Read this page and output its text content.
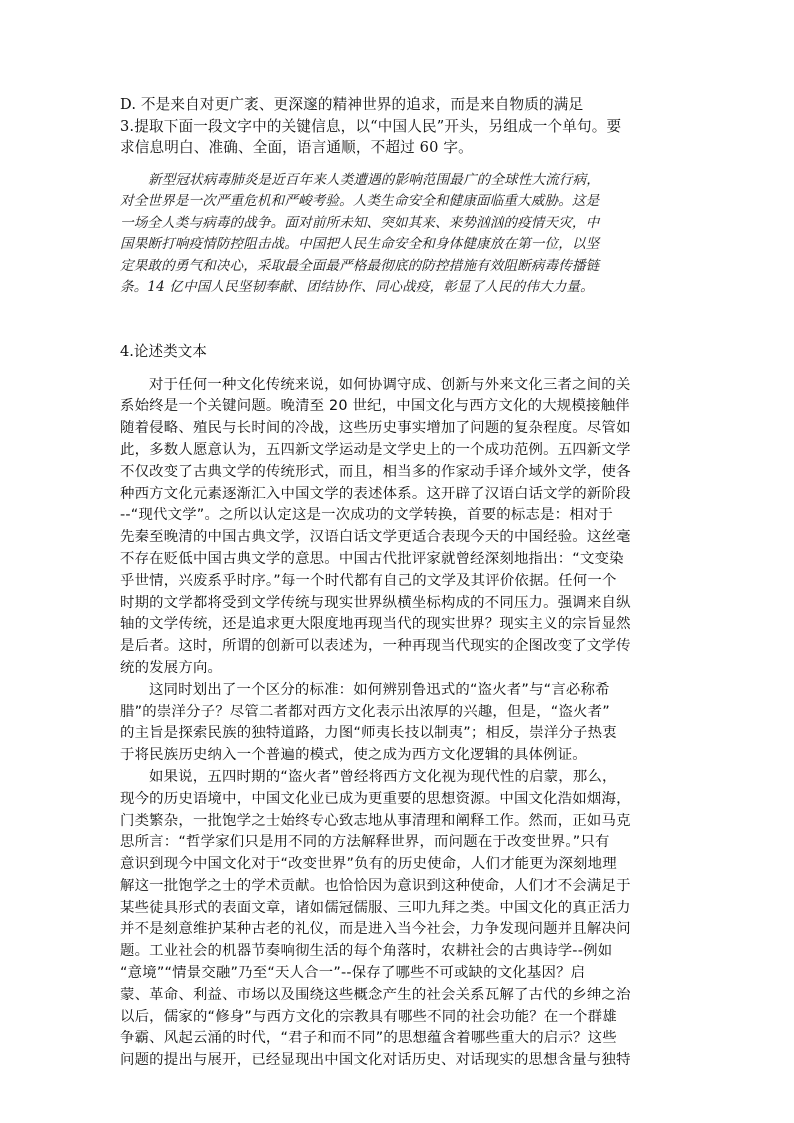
D. 不是来自对更广袤、更深邃的精神世界的追求，而是来自物质的满足
3.提取下面一段文字中的关键信息，以“中国人民”开头，另组成一个单句。要
求信息明白、准确、全面，语言通顺，不超过 60 字。
新型冠状病毒肺炎是近百年来人类遭遇的影响范围最广的全球性大流行病，
对全世界是一次严重危机和严峻考验。人类生命安全和健康面临重大威胁。这是
一场全人类与病毒的战争。面对前所未知、突如其来、来势汹汹的疫情天灾，中
国果断打响疫情防控阻击战。中国把人民生命安全和身体健康放在第一位，以坚
定果敢的勇气和决心，采取最全面最严格最彻底的防控措施有效阻断病毒传播链
条。14 亿中国人民坚韧奉献、团结协作、同心战疫，彰显了人民的伟大力量。
4.论述类文本
对于任何一种文化传统来说，如何协调守成、创新与外来文化三者之间的关
系始终是一个关键问题。晚清至 20 世纪，中国文化与西方文化的大规模接触伴
随着侵略、殖民与长时间的冷战，这些历史事实增加了问题的复杂程度。尽管如
此，多数人愿意认为，五四新文学运动是文学史上的一个成功范例。五四新文学
不仅改变了古典文学的传统形式，而且，相当多的作家动手译介域外文学，使各
种西方文化元素逐渐汇入中国文学的表述体系。这开辟了汉语白话文学的新阶段
--“现代文学”。之所以认定这是一次成功的文学转换，首要的标志是：相对于
先秦至晚清的中国古典文学，汉语白话文学更适合表现今天的中国经验。这丝毫
不存在贬低中国古典文学的意思。中国古代批评家就曾经深刻地指出：“文变染
乎世情，兴废系乎时序。”每一个时代都有自己的文学及其评价依据。任何一个
时期的文学都将受到文学传统与现实世界纵横坐标构成的不同压力。强调来自纵
轴的文学传统，还是追求更大限度地再现当代的现实世界？现实主义的宗旨显然
是后者。这时，所谓的创新可以表述为，一种再现当代现实的企图改变了文学传
统的发展方向。
这同时划出了一个区分的标准：如何辨别鲁迅式的“盗火者”与“言必称希
腊”的崇洋分子？尽管二者都对西方文化表示出浓厚的兴趣，但是，“盗火者”
的主旨是探索民族的独特道路，力图“师夷长技以制夷”；相反，崇洋分子热衷
于将民族历史纳入一个普遍的模式，使之成为西方文化逻辑的具体例证。
如果说，五四时期的“盗火者”曾经将西方文化视为现代性的启蒙，那么，
现今的历史语境中，中国文化业已成为更重要的思想资源。中国文化浩如烟海，
门类繁杂，一批饱学之士始终专心致志地从事清理和阐释工作。然而，正如马克
思所言：“哲学家们只是用不同的方法解释世界，而问题在于改变世界。”只有
意识到现今中国文化对于“改变世界”负有的历史使命，人们才能更为深刻地理
解这一批饱学之士的学术贡献。也恰恰因为意识到这种使命，人们才不会满足于
某些徒具形式的表面文章，诸如儒冠儒服、三叩九拜之类。中国文化的真正活力
并不是刻意维护某种古老的礼仪，而是进入当今社会，力争发现问题并且解决问
题。工业社会的机器节奏响彻生活的每个角落时，农耕社会的古典诗学--例如
“意境”“情景交融”乃至“天人合一”--保存了哪些不可或缺的文化基因？启
蒙、革命、利益、市场以及围绕这些概念产生的社会关系瓦解了古代的乡绅之治
以后，儒家的“修身”与西方文化的宗教具有哪些不同的社会功能？在一个群雄
争霸、风起云涌的时代，“君子和而不同”的思想蕴含着哪些重大的启示？这些
问题的提出与展开，已经显现出中国文化对话历史、对话现实的思想含量与独特
